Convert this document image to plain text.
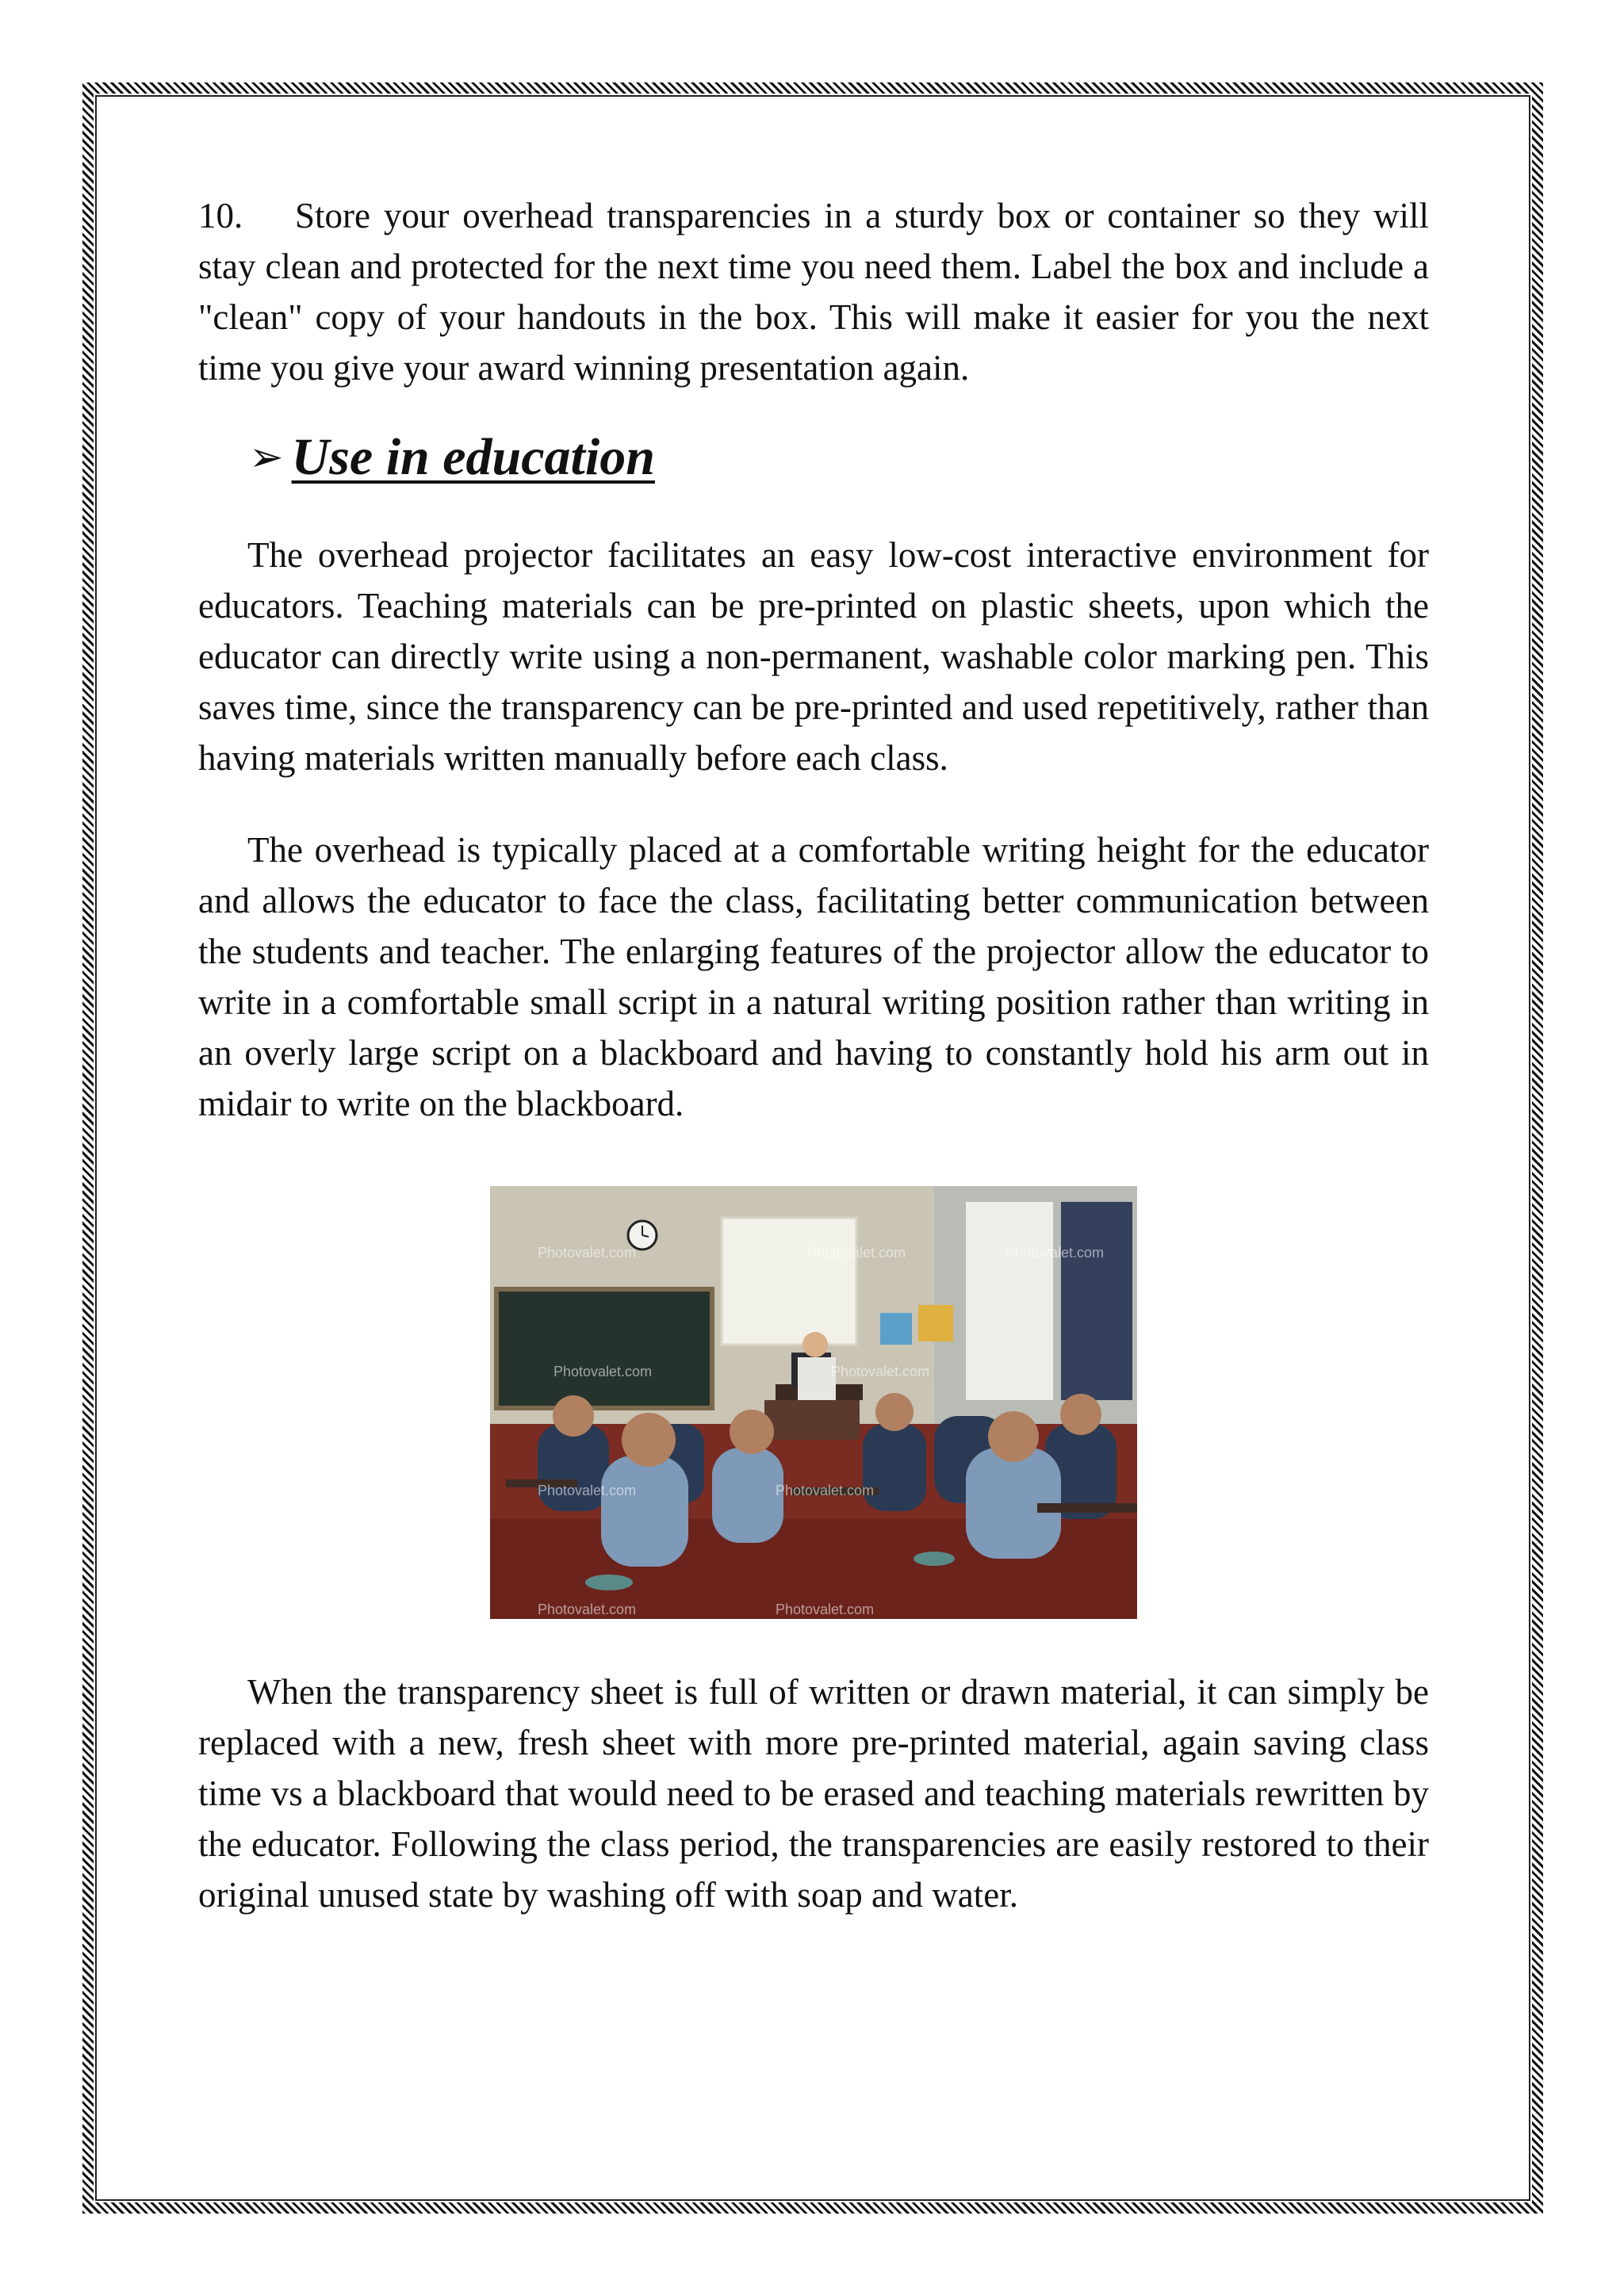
10. Store your overhead transparencies in a sturdy box or container so they will stay clean and protected for the next time you need them. Label the box and include a "clean" copy of your handouts in the box. This will make it easier for you the next time you give your award winning presentation again.

➢ Use in education

The overhead projector facilitates an easy low-cost interactive environment for educators. Teaching materials can be pre-printed on plastic sheets, upon which the educator can directly write using a non-permanent, washable color marking pen. This saves time, since the transparency can be pre-printed and used repetitively, rather than having materials written manually before each class.

The overhead is typically placed at a comfortable writing height for the educator and allows the educator to face the class, facilitating better communication between the students and teacher. The enlarging features of the projector allow the educator to write in a comfortable small script in a natural writing position rather than writing in an overly large script on a blackboard and having to constantly hold his arm out in midair to write on the blackboard.

Photovalet.com	Photovalet.com	Photovalet.com
Photovalet.com	Photovalet.com
Photovalet.com	Photovalet.com
Photovalet.com	Photovalet.com

When the transparency sheet is full of written or drawn material, it can simply be replaced with a new, fresh sheet with more pre-printed material, again saving class time vs a blackboard that would need to be erased and teaching materials rewritten by the educator. Following the class period, the transparencies are easily restored to their original unused state by washing off with soap and water.
